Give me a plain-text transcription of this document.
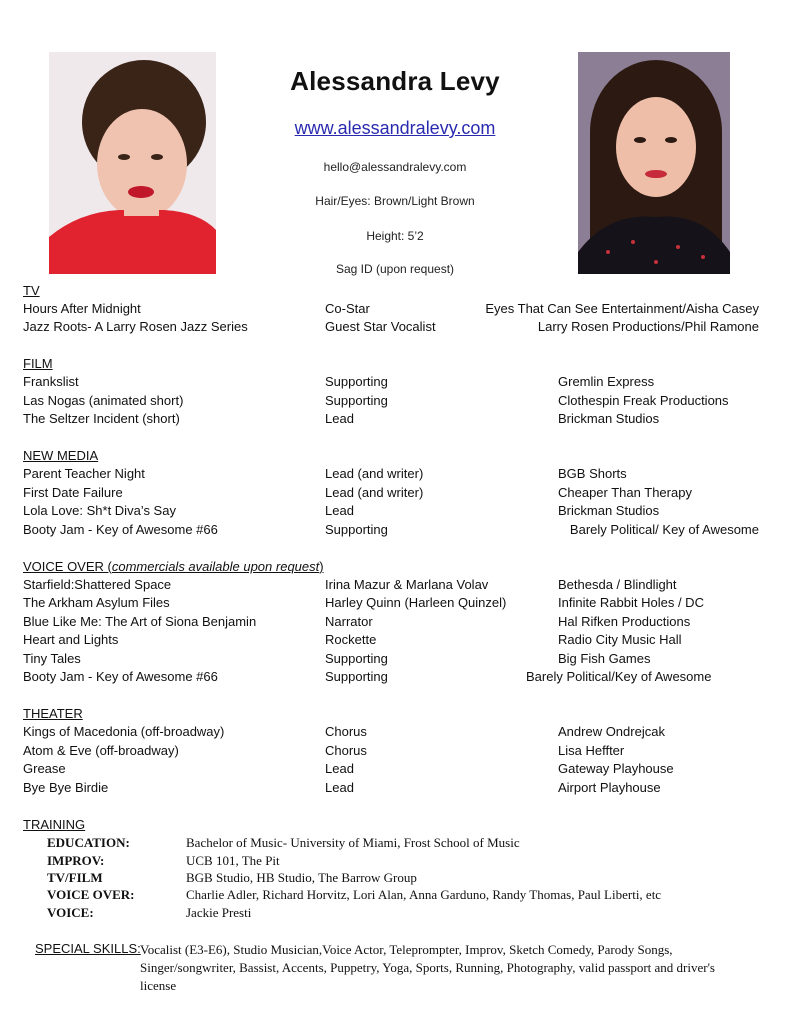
Alessandra Levy
www.alessandralevy.com
hello@alessandralevy.com
Hair/Eyes: Brown/Light Brown
Height: 5’2
Sag ID (upon request)
TV
Hours After Midnight	Co-Star	Eyes That Can See Entertainment/Aisha Casey
Jazz Roots- A Larry Rosen Jazz Series	Guest Star Vocalist	Larry Rosen Productions/Phil Ramone
FILM
Frankslist	Supporting	Gremlin Express
Las Nogas (animated short)	Supporting	Clothespin Freak Productions
The Seltzer Incident (short)	Lead	Brickman Studios
NEW MEDIA
Parent Teacher Night	Lead (and writer)	BGB Shorts
First Date Failure	Lead (and writer)	Cheaper Than Therapy
Lola Love: Sh*t Diva’s Say	Lead	Brickman Studios
Booty Jam - Key of Awesome #66	Supporting	Barely Political/ Key of Awesome
VOICE OVER (commercials available upon request)
Starfield:Shattered Space	Irina Mazur & Marlana Volav	Bethesda / Blindlight
The Arkham Asylum Files	Harley Quinn (Harleen Quinzel)	Infinite Rabbit Holes / DC
Blue Like Me: The Art of Siona Benjamin	Narrator	Hal Rifken Productions
Heart and Lights	Rockette	Radio City Music Hall
Tiny Tales	Supporting	Big Fish Games
Booty Jam - Key of Awesome #66	Supporting	Barely Political/Key of Awesome
THEATER
Kings of Macedonia (off-broadway)	Chorus	Andrew Ondrejcak
Atom & Eve (off-broadway)	Chorus	Lisa Heffter
Grease	Lead	Gateway Playhouse
Bye Bye Birdie	Lead	Airport Playhouse
TRAINING
EDUCATION:	Bachelor of Music- University of Miami, Frost School of Music
IMPROV:	UCB 101, The Pit
TV/FILM	BGB Studio, HB Studio, The Barrow Group
VOICE OVER:	Charlie Adler, Richard Horvitz, Lori Alan, Anna Garduno, Randy Thomas, Paul Liberti, etc
VOICE:	Jackie Presti
SPECIAL SKILLS: Vocalist (E3-E6), Studio Musician,Voice Actor, Teleprompter, Improv, Sketch Comedy, Parody Songs, Singer/songwriter, Bassist, Accents, Puppetry, Yoga, Sports, Running, Photography, valid passport and driver's license
